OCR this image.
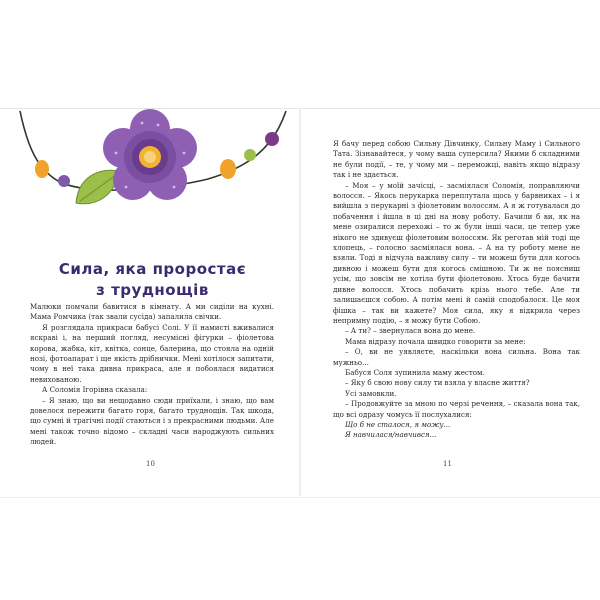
Сила, яка проростає
з труднощів

Малюки помчали бавитися в кімнату. А ми сиділи на кухні. Мама Ромчика (так звали сусіда) запалила свічки.

Я розглядала прикраси бабусі Солі. У її намисті вживалися яскраві і, на перший погляд, несумісні фігурки – фіолетова корова, жабка, кіт, квітка, сонце, балерина, що стояла на одній нозі, фотоапарат і ще якість дрібнички. Мені хотілося запитати, чому в неї така дивна прикраса, але я побоялася видатися невихованою.

А Соломія Ігорівна сказала:

– Я знаю, що ви нещодавно сюди приїхали, і знаю, що вам довелося пережити багато горя, багато труднощів. Так шкода, що сумні й трагічні події стаються і з прекрасними людьми. Але мені також точно відомо – складні часи народжують сильних людей.

10

Я бачу перед собою Сильну Дівчинку, Сильну Маму і Сильного Тата. Зізнавайтеся, у чому ваша суперсила? Якими б складними не були події, – те, у чому ми – переможці, навіть якщо відразу так і не здається.

– Моя – у моїй зачісці, – засміялася Соломія, поправляючи волосся. – Якось перукарка переплутала щось у барвниках – і я вийшла з перукарні з фіолетовим волоссям. А я ж готувалася до побачення і йшла в ці дні на нову роботу. Бачили б ви, як на мене озиралися перехожі – то ж були інші часи, це тепер уже нікого не здивуєш фіолетовим волоссям. Як реготав мій тоді ще хлопець, – голосно засміялася вона. – А на ту роботу мене не взяли. Тоді я відчула важливу силу – ти можеш бути для когось дивною і можеш бути для когось смішною. Ти ж не поясниш усім, що зовсім не хотіла бути фіолетовою. Хтось буде бачити дивне волосся. Хтось побачить крізь нього тебе. Але ти залишаєшся собою. А потім мені й самій сподобалося. Це моя фішка – так ви кажете? Моя сила, яку я відкрила через непримну подію, – я можу бути Собою.

– А ти? – звернулася вона до мене.

Мама відразу почала швидко говорити за мене:

– О, ви не уявляєте, наскільки вона сильна. Вона так мужньо...

Бабуся Соля зупинила маму жестом.

– Яку б свою нову силу ти взяла у власне життя?

Усі замовкли.

– Продовжуйте за мною по черзі речення, – сказала вона так, що всі одразу чомусь її послухалися:

Що б не сталося, я можу...

Я навчилася/навчився...

11
